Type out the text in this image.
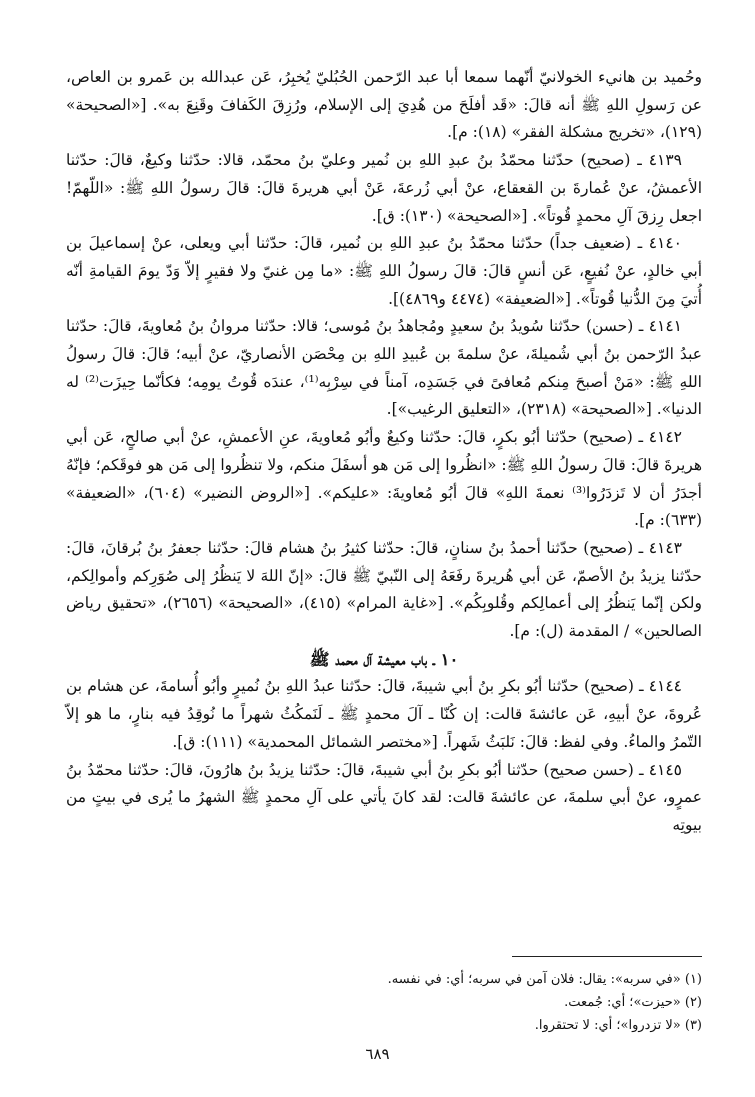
وحُميد بن هانيء الخولانيّ أنّهما سمعا أبا عبد الرّحمن الحُبُليّ يُخبِرُ، عَن عبدالله بن عَمرو بن العاص، عن رَسولِ اللهِ ﷺ أنه قالَ: «قَد أفلَحَ من هُدِيَ إلى الإسلام، ورُزِقَ الكَفافَ وقَنِعَ به». [«الصحيحة» (١٢٩)، «تخريج مشكلة الفقر» (١٨): م].

٤١٣٩ ـ (صحيح) حدّثنا محمّدُ بنُ عبدِ اللهِ بن نُمير وعليّ بنُ محمّد، قالا: حدّثنا وكيعٌ، قالَ: حدّثنا الأعمشُ، عنْ عُمارةَ بن القعقاع، عنْ أبي زُرعةَ، عَنْ أبي هريرةَ قالَ: قالَ رسولُ اللهِ ﷺ: «اللّهمّ! اجعل رِزقَ آلِ محمدٍ قُوتاً». [«الصحيحة» (١٣٠): ق].

٤١٤٠ ـ (ضعيف جداً) حدّثنا محمّدُ بنُ عبدِ اللهِ بن نُمير، قالَ: حدّثنا أبي ويعلى، عنْ إسماعيلَ بن أبي خالدٍ، عنْ نُفيعٍ، عَن أنسٍ قالَ: قالَ رسولُ اللهِ ﷺ: «ما مِن غنيّ ولا فقيرٍ إلاّ وَدّ يومَ القيامةِ أنّه أُتيَ مِنَ الدُّنيا قُوتاً». [«الضعيفة» (٤٤٧٤ و٤٨٦٩)].

٤١٤١ ـ (حسن) حدّثنا سُويدُ بنُ سعيدٍ ومُجاهدُ بنُ مُوسى؛ قالا: حدّثنا مروانُ بنُ مُعاويةَ، قالَ: حدّثنا عبدُ الرّحمن بنُ أبي شُميلةَ، عنْ سلمةَ بن عُبيدِ اللهِ بن مِحْصَن الأنصاريّ، عنْ أبيه؛ قالَ: قالَ رسولُ اللهِ ﷺ: «مَنْ أصبحَ مِنكم مُعافىً في جَسَدِه، آمناً في سِرْبِه⁽¹⁾، عندَه قُوتُ يومِه؛ فكأنّما حِيزَت⁽²⁾ له الدنيا». [«الصحيحة» (٢٣١٨)، «التعليق الرغيب»].

٤١٤٢ ـ (صحيح) حدّثنا أبُو بكرٍ، قالَ: حدّثنا وكيعٌ وأبُو مُعاويةَ، عنِ الأعمشِ، عنْ أبي صالحٍ، عَن أبي هريرةَ قالَ: قالَ رسولُ اللهِ ﷺ: «انظُروا إلى مَن هو أسفَلَ منكم، ولا تنظُروا إلى مَن هو فوقَكم؛ فإنّهُ أجدَرُ أن لا تَزدَرُوا⁽³⁾ نعمةَ اللهِ» قالَ أبُو مُعاويةَ: «عليكم». [«الروض النضير» (٦٠٤)، «الضعيفة» (٦٣٣): م].

٤١٤٣ ـ (صحيح) حدّثنا أحمدُ بنُ سنانٍ، قالَ: حدّثنا كثيرُ بنُ هشام قالَ: حدّثنا جعفرُ بنُ بُرقانَ، قالَ: حدّثنا يزيدُ بنُ الأصمّ، عَن أبي هُريرةَ رفَعَهُ إلى النّبيّ ﷺ قالَ: «إنّ اللهَ لا يَنظُرُ إلى صُوَرِكم وأموالِكم، ولكن إنّما يَنظُرُ إلى أعمالِكم وقُلوبِكُم». [«غاية المرام» (٤١٥)، «الصحيحة» (٢٦٥٦)، «تحقيق رياض الصالحين» / المقدمة (ل): م].

١٠ ـ باب معيشة آل محمد ﷺ

٤١٤٤ ـ (صحيح) حدّثنا أبُو بكرِ بنُ أبي شيبةَ، قالَ: حدّثنا عبدُ اللهِ بنُ نُميرٍ وأبُو أُسامةَ، عن هشام بن عُروةَ، عنْ أبيهِ، عَن عائشةَ قالت: إن كُنّا ـ آلَ محمدٍ ﷺ ـ لَنَمكُثُ شهراً ما نُوقِدُ فيه بنارٍ، ما هو إلاّ التّمرُ والماءُ. وفي لفظ: قالَ: نَلبَثُ شَهراً. [«مختصر الشمائل المحمدية» (١١١): ق].

٤١٤٥ ـ (حسن صحيح) حدّثنا أبُو بكرِ بنُ أبي شيبةَ، قالَ: حدّثنا يزيدُ بنُ هارُونَ، قالَ: حدّثنا محمّدُ بنُ عمرٍو، عنْ أبي سلمةَ، عن عائشةَ قالت: لقد كانَ يأتي على آلِ محمدٍ ﷺ الشهرُ ما يُرى في بيتٍ من بيوتِه

(١) «في سربه»: يقال: فلان آمن في سربه؛ أي: في نفسه.

(٢) «حيزت»؛ أي: جُمعت.

(٣) «لا تزدروا»؛ أي: لا تحتقروا.

٦٨٩
